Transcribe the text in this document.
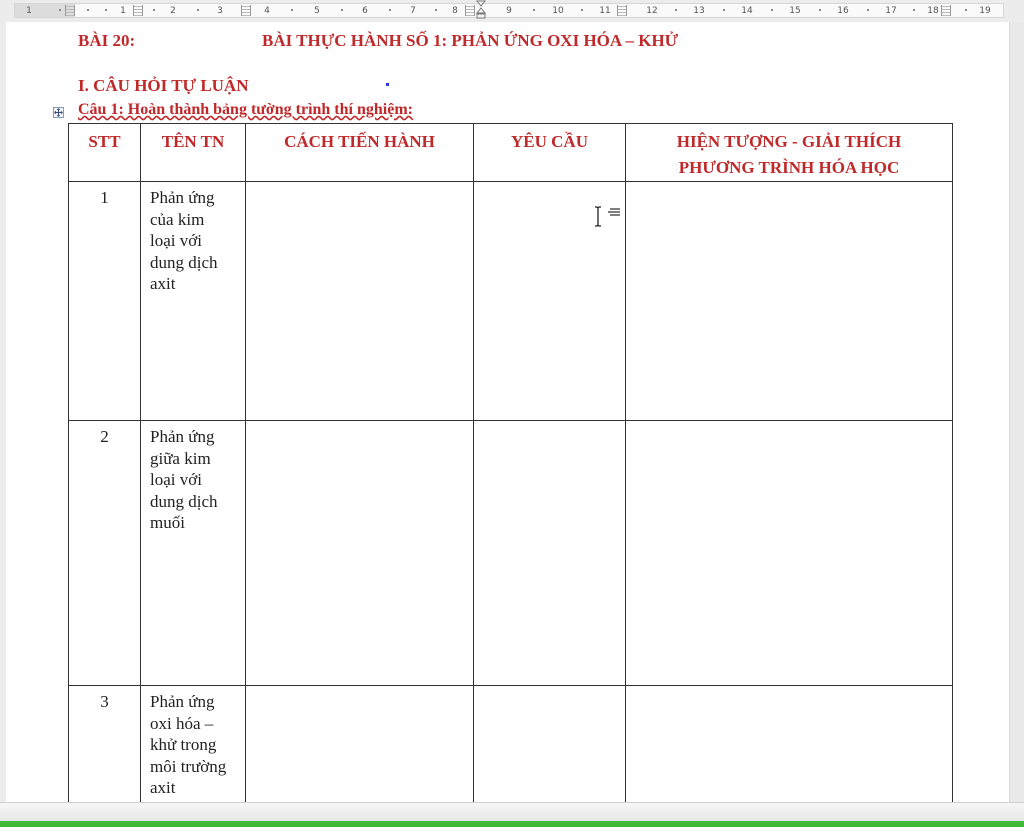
1	1	2	3	4	5	6	7	8	9	10	11	12	13	14	15	16	17	18	19
BÀI 20:	BÀI THỰC HÀNH SỐ 1: PHẢN ỨNG OXI HÓA – KHỬ
I. CÂU HỎI TỰ LUẬN
Câu 1: Hoàn thành bảng tường trình thí nghiệm:
STT	TÊN TN	CÁCH TIẾN HÀNH	YÊU CẦU	HIỆN TƯỢNG - GIẢI THÍCH
PHƯƠNG TRÌNH HÓA HỌC

1	Phản ứng
của kim
loại với
dung dịch
axit			

2	Phản ứng
giữa kim
loại với
dung dịch
muối			

3	Phản ứng
oxi hóa –
khử trong
môi trường
axit			
